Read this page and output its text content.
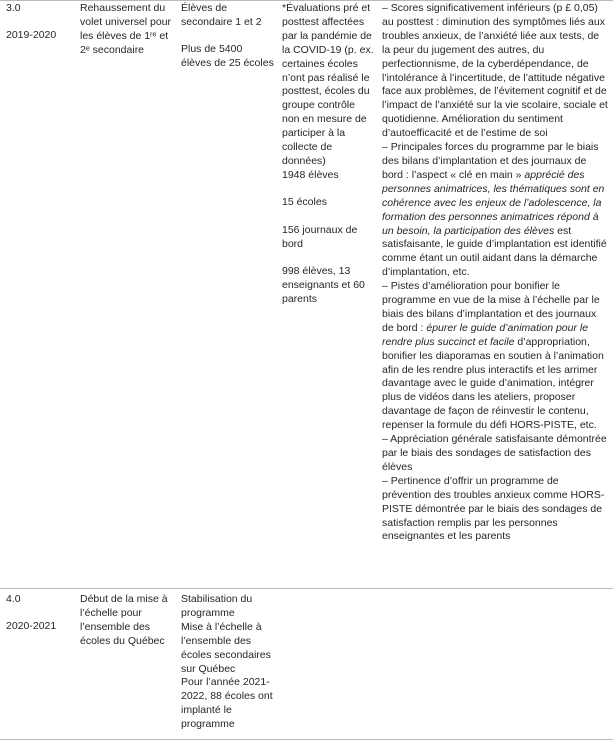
3.0

2019-2020

Rehaussement du volet universel pour les élèves de 1ʳᵉ et 2ᵉ secondaire

Élèves de secondaire 1 et 2

Plus de 5400 élèves de 25 écoles

*Évaluations pré et posttest affectées par la pandémie de la COVID-19 (p. ex. certaines écoles n’ont pas réalisé le posttest, écoles du groupe contrôle non en mesure de participer à la collecte de données)

1948 élèves

15 écoles

156 journaux de bord

998 élèves, 13 enseignants et 60 parents

– Scores significativement inférieurs (p £ 0,05) au posttest : diminution des symptômes liés aux troubles anxieux, de l’anxiété liée aux tests, de la peur du jugement des autres, du perfectionnisme, de la cyberdépendance, de l’intolérance à l’incertitude, de l’attitude négative face aux problèmes, de l’évitement cognitif et de l’impact de l’anxiété sur la vie scolaire, sociale et quotidienne. Amélioration du sentiment d’autoefficacité et de l’estime de soi

– Principales forces du programme par le biais des bilans d’implantation et des journaux de bord : l’aspect « clé en main » apprécié des personnes animatrices, les thématiques sont en cohérence avec les enjeux de l’adolescence, la formation des personnes animatrices répond à un besoin, la participation des élèves est satisfaisante, le guide d’implantation est identifié comme étant un outil aidant dans la démarche d’implantation, etc.

– Pistes d’amélioration pour bonifier le programme en vue de la mise à l’échelle par le biais des bilans d’implantation et des journaux de bord : épurer le guide d’animation pour le rendre plus succinct et facile d’appropriation, bonifier les diaporamas en soutien à l’animation afin de les rendre plus interactifs et les arrimer davantage avec le guide d’animation, intégrer plus de vidéos dans les ateliers, proposer davantage de façon de réinvestir le contenu, repenser la formule du défi HORS-PISTE, etc.

– Appréciation générale satisfaisante démontrée par le biais des sondages de satisfaction des élèves

– Pertinence d’offrir un programme de prévention des troubles anxieux comme HORS-PISTE démontrée par le biais des sondages de satisfaction remplis par les personnes enseignantes et les parents

4.0

2020-2021

Début de la mise à l’échelle pour l’ensemble des écoles du Québec

Stabilisation du programme

Mise à l’échelle à l’ensemble des écoles secondaires sur Québec

Pour l’année 2021-2022, 88 écoles ont implanté le programme
